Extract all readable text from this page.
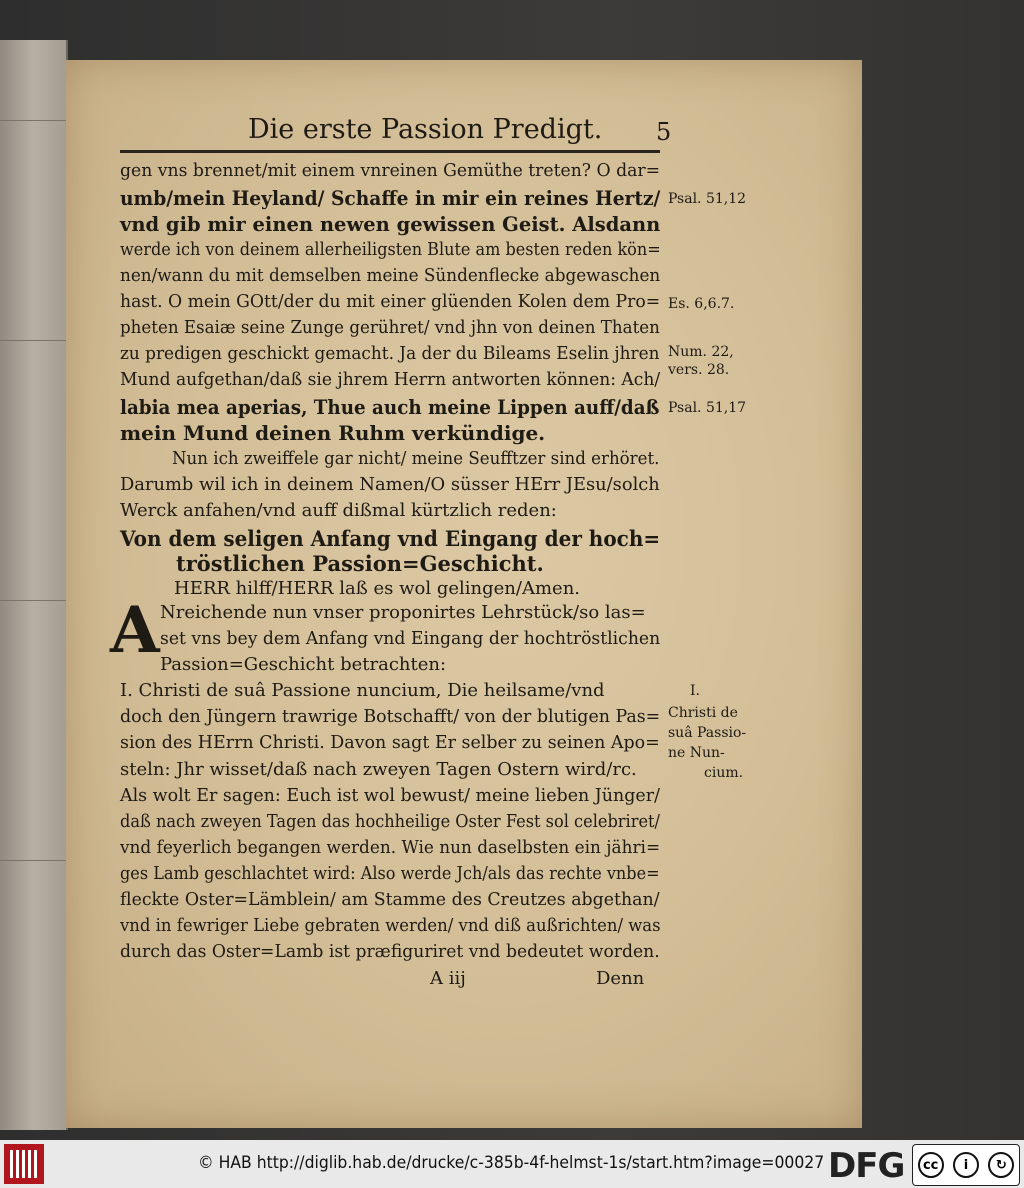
Die erste Passion Predigt. 5
gen vns brennet/mit einem vnreinen Gemüthe treten? O dar=
umb/mein Heyland/ Schaffe in mir ein reines Hertz/
vnd gib mir einen newen gewissen Geist. Alsdann
werde ich von deinem allerheiligsten Blute am besten reden kön=
nen/wann du mit demselben meine Sündenflecke abgewaschen
hast. O mein GOtt/der du mit einer glüenden Kolen dem Pro=
pheten Esaiæ seine Zunge gerühret/ vnd jhn von deinen Thaten
zu predigen geschickt gemacht. Ja der du Bileams Eselin jhren
Mund aufgethan/daß sie jhrem Herrn antworten können: Ach/
labia mea aperias, Thue auch meine Lippen auff/daß
mein Mund deinen Ruhm verkündige.
Nun ich zweiffele gar nicht/ meine Seufftzer sind erhöret.
Darumb wil ich in deinem Namen/O süsser HErr JEsu/solch
Werck anfahen/vnd auff dißmal kürtzlich reden:
Von dem seligen Anfang vnd Eingang der hoch=
tröstlichen Passion=Geschicht.
HERR hilff/HERR laß es wol gelingen/Amen.
A Nreichende nun vnser proponirtes Lehrstück/so las=
set vns bey dem Anfang vnd Eingang der hochtröstlichen
Passion=Geschicht betrachten:
I. Christi de suâ Passione nuncium, Die heilsame/vnd
doch den Jüngern trawrige Botschafft/ von der blutigen Pas=
sion des HErrn Christi. Davon sagt Er selber zu seinen Apo=
steln: Jhr wisset/daß nach zweyen Tagen Ostern wird/rc.
Als wolt Er sagen: Euch ist wol bewust/ meine lieben Jünger/
daß nach zweyen Tagen das hochheilige Oster Fest sol celebriret/
vnd feyerlich begangen werden. Wie nun daselbsten ein jähri=
ges Lamb geschlachtet wird: Also werde Jch/als das rechte vnbe=
fleckte Oster=Lämblein/ am Stamme des Creutzes abgethan/
vnd in fewriger Liebe gebraten werden/ vnd diß außrichten/ was
durch das Oster=Lamb ist præfiguriret vnd bedeutet worden.
A iij	Denn
Psal. 51,12
Es. 6,6.7.
Num. 22,
vers. 28.
Psal. 51,17
I.
Christi de
suâ Passio-
ne Nun-
cium.
© HAB http://diglib.hab.de/drucke/c-385b-4f-helmst-1s/start.htm?image=00027 DFG	cc	i	↻
